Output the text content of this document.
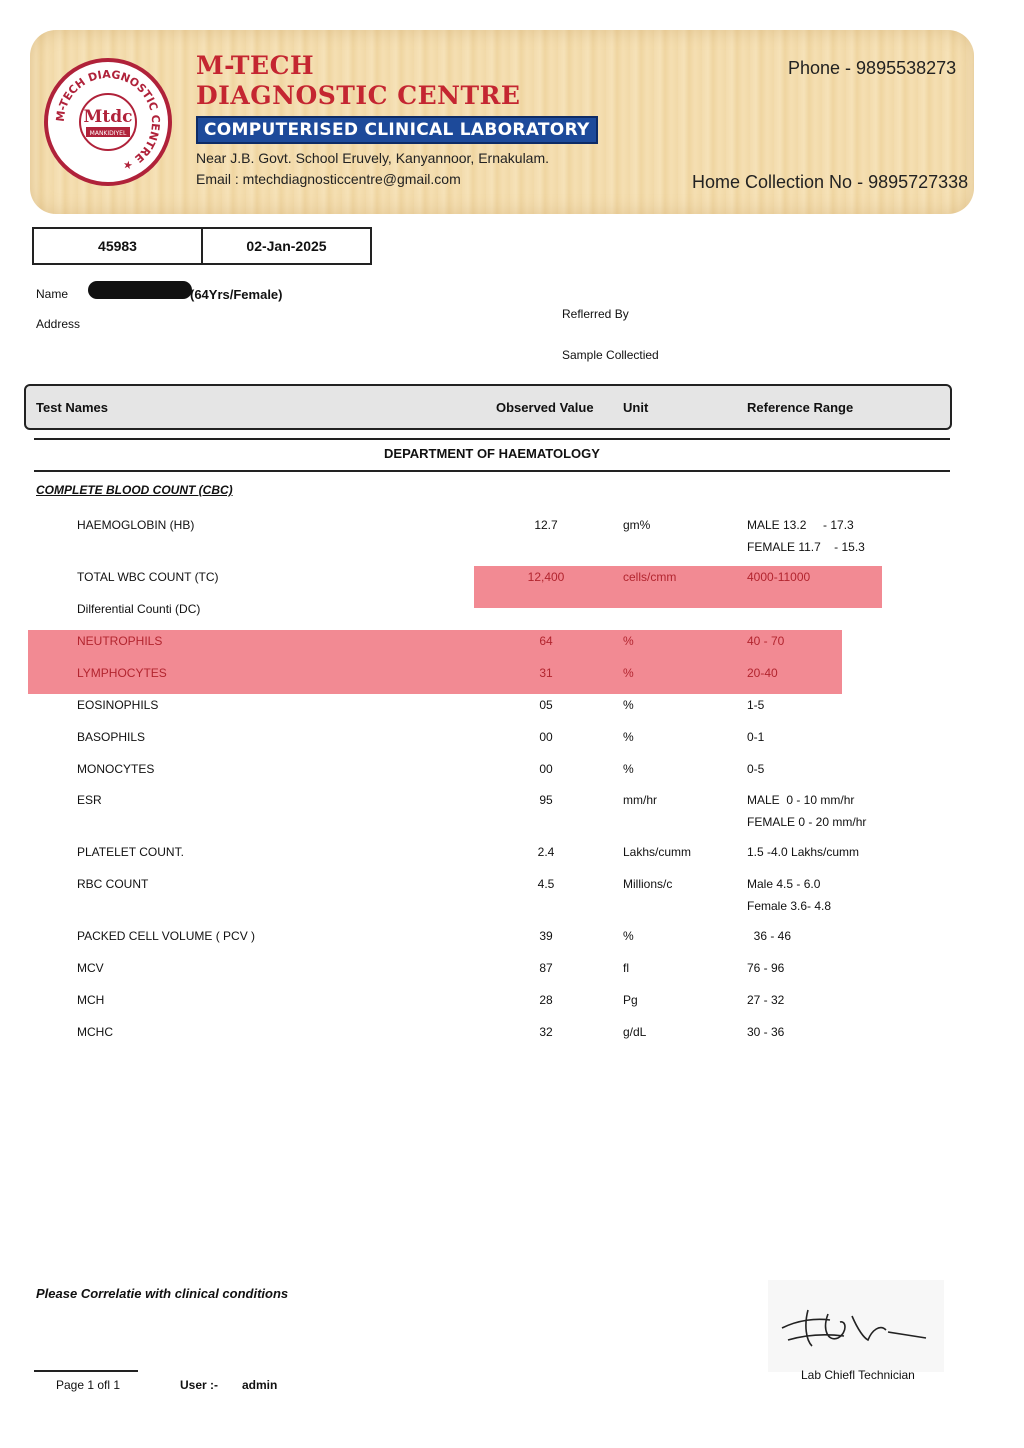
M-TECH DIAGNOSTIC CENTRE ★
Mtdc
MANKIDIYEL
M-TECH
DIAGNOSTIC CENTRE
COMPUTERISED CLINICAL LABORATORY
Near J.B. Govt. School Eruvely, Kanyannoor, Ernakulam.
Email : mtechdiagnosticcentre@gmail.com
Phone - 9895538273
Home Collection No - 9895727338
45983	02-Jan-2025
Name	(64Yrs/Female)
Address
Reflerred By
Sample Collectied
Test Names	Observed Value Unit	Reference Range
DEPARTMENT OF HAEMATOLOGY
COMPLETE BLOOD COUNT (CBC)
HAEMOGLOBIN (HB)	12.7	gm%	MALE 13.2     - 17.3
FEMALE 11.7    - 15.3
TOTAL WBC COUNT (TC)	12,400	cells/cmm	4000-11000
Dilferential Counti (DC)
NEUTROPHILS	64	%	40 - 70
LYMPHOCYTES	31	%	20-40
EOSINOPHILS	05	%	1-5
BASOPHILS	00	%	0-1
MONOCYTES	00	%	0-5
ESR	95	mm/hr	MALE  0 - 10 mm/hr
FEMALE 0 - 20 mm/hr
PLATELET COUNT.	2.4	Lakhs/cumm	1.5 -4.0 Lakhs/cumm
RBC COUNT	4.5	Millions/c	Male 4.5 - 6.0
Female 3.6- 4.8
PACKED CELL VOLUME ( PCV )	39	%	36 - 46
MCV	87	fl	76 - 96
MCH	28	Pg	27 - 32
MCHC	32	g/dL	30 - 36
Please Correlatie with clinical conditions
Lab Chiefl Technician
Page 1 ofl 1	User :- admin
